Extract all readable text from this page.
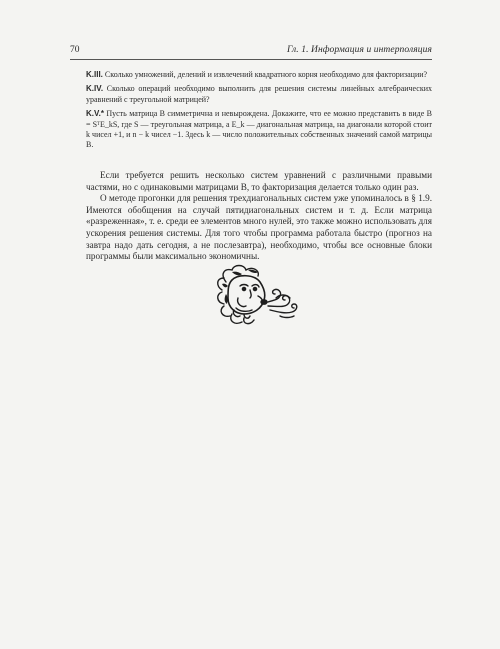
70	Гл. 1. Информация и интерполяция

K.III. Сколько умножений, делений и извлечений квадратного корня необходимо для факторизации?

K.IV. Сколько операций необходимо выполнить для решения системы линейных алгебраических уравнений с треугольной матрицей?

K.V.* Пусть матрица B симметрична и невырождена. Докажите, что ее можно представить в виде B = SᵀE_kS, где S — треугольная матрица, а E_k — диагональная матрица, на диагонали которой стоит k чисел +1, и n − k чисел −1. Здесь k — число положительных собственных значений самой матрицы B.

Если требуется решить несколько систем уравнений с различными правыми частями, но с одинаковыми матрицами B, то факторизация делается только один раз.

О методе прогонки для решения трехдиагональных систем уже упоминалось в § 1.9. Имеются обобщения на случай пятидиагональных систем и т. д. Если матрица «разреженная», т. е. среди ее элементов много нулей, это также можно использовать для ускорения решения системы. Для того чтобы программа работала быстро (прогноз на завтра надо дать сегодня, а не послезавтра), необходимо, чтобы все основные блоки программы были максимально экономичны.
